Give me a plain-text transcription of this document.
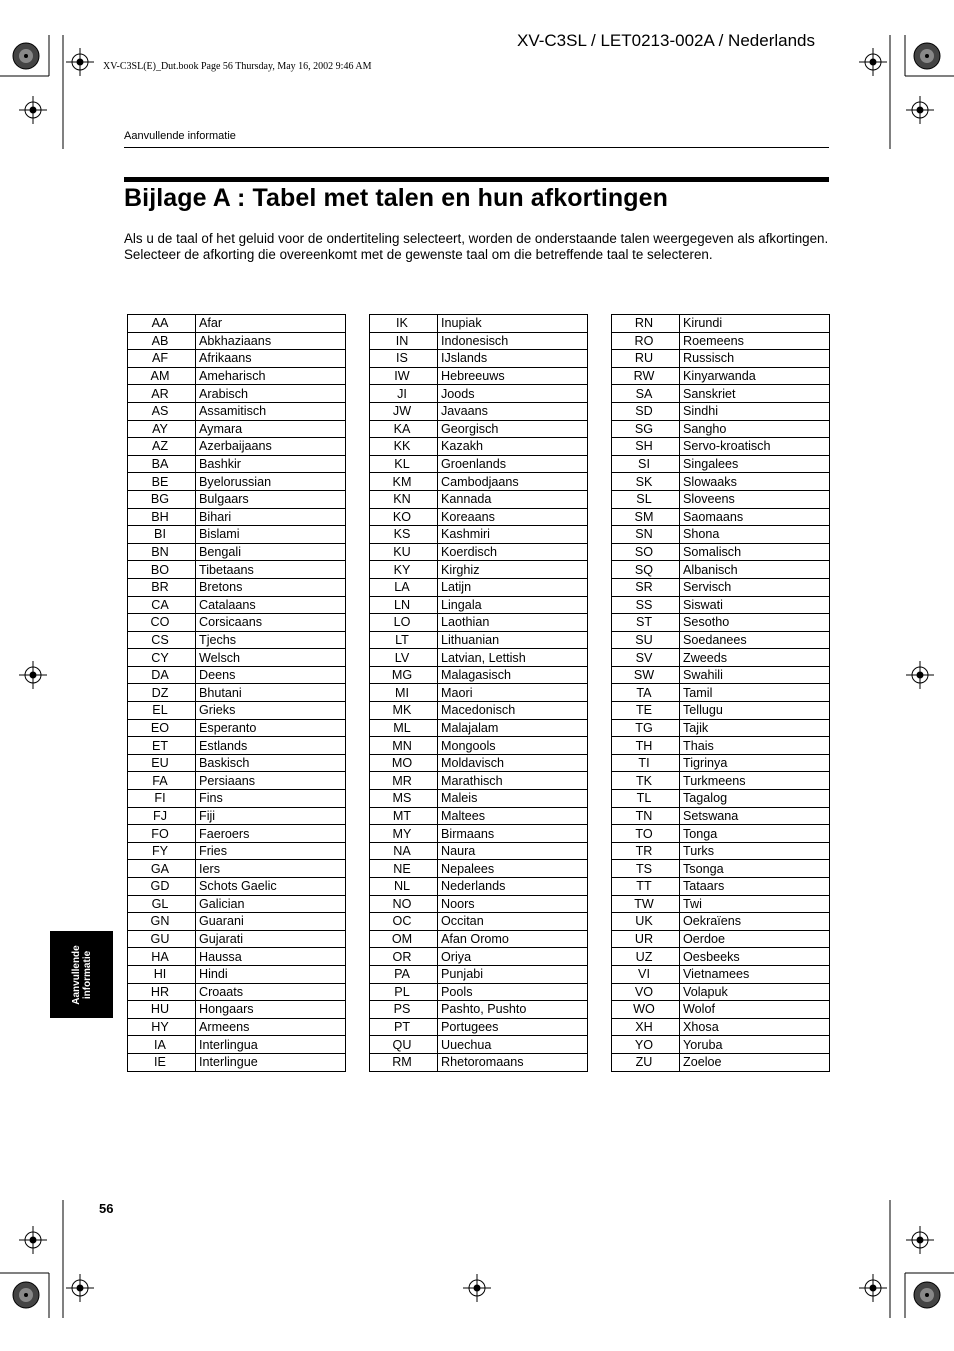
XV-C3SL / LET0213-002A / Nederlands
XV-C3SL(E)_Dut.book Page 56 Thursday, May 16, 2002 9:46 AM
Aanvullende informatie
Bijlage A : Tabel met talen en hun afkortingen
Als u de taal of het geluid voor de ondertiteling selecteert, worden de onderstaande talen weergegeven als afkortingen. Selecteer de afkorting die overeenkomt met de gewenste taal om die betreffende taal te selecteren.
AA	Afar
AB	Abkhaziaans
AF	Afrikaans
AM	Ameharisch
AR	Arabisch
AS	Assamitisch
AY	Aymara
AZ	Azerbaijaans
BA	Bashkir
BE	Byelorussian
BG	Bulgaars
BH	Bihari
BI	Bislami
BN	Bengali
BO	Tibetaans
BR	Bretons
CA	Catalaans
CO	Corsicaans
CS	Tjechs
CY	Welsch
DA	Deens
DZ	Bhutani
EL	Grieks
EO	Esperanto
ET	Estlands
EU	Baskisch
FA	Persiaans
FI	Fins
FJ	Fiji
FO	Faeroers
FY	Fries
GA	Iers
GD	Schots Gaelic
GL	Galician
GN	Guarani
GU	Gujarati
HA	Haussa
HI	Hindi
HR	Croaats
HU	Hongaars
HY	Armeens
IA	Interlingua
IE	Interlingue
IK	Inupiak
IN	Indonesisch
IS	IJslands
IW	Hebreeuws
JI	Joods
JW	Javaans
KA	Georgisch
KK	Kazakh
KL	Groenlands
KM	Cambodjaans
KN	Kannada
KO	Koreaans
KS	Kashmiri
KU	Koerdisch
KY	Kirghiz
LA	Latijn
LN	Lingala
LO	Laothian
LT	Lithuanian
LV	Latvian, Lettish
MG	Malagasisch
MI	Maori
MK	Macedonisch
ML	Malajalam
MN	Mongools
MO	Moldavisch
MR	Marathisch
MS	Maleis
MT	Maltees
MY	Birmaans
NA	Naura
NE	Nepalees
NL	Nederlands
NO	Noors
OC	Occitan
OM	Afan Oromo
OR	Oriya
PA	Punjabi
PL	Pools
PS	Pashto, Pushto
PT	Portugees
QU	Uuechua
RM	Rhetoromaans
RN	Kirundi
RO	Roemeens
RU	Russisch
RW	Kinyarwanda
SA	Sanskriet
SD	Sindhi
SG	Sangho
SH	Servo-kroatisch
SI	Singalees
SK	Slowaaks
SL	Sloveens
SM	Saomaans
SN	Shona
SO	Somalisch
SQ	Albanisch
SR	Servisch
SS	Siswati
ST	Sesotho
SU	Soedanees
SV	Zweeds
SW	Swahili
TA	Tamil
TE	Tellugu
TG	Tajik
TH	Thais
TI	Tigrinya
TK	Turkmeens
TL	Tagalog
TN	Setswana
TO	Tonga
TR	Turks
TS	Tsonga
TT	Tataars
TW	Twi
UK	Oekraïens
UR	Oerdoe
UZ	Oesbeeks
VI	Vietnamees
VO	Volapuk
WO	Wolof
XH	Xhosa
YO	Yoruba
ZU	Zoeloe
Aanvullende
informatie
56
